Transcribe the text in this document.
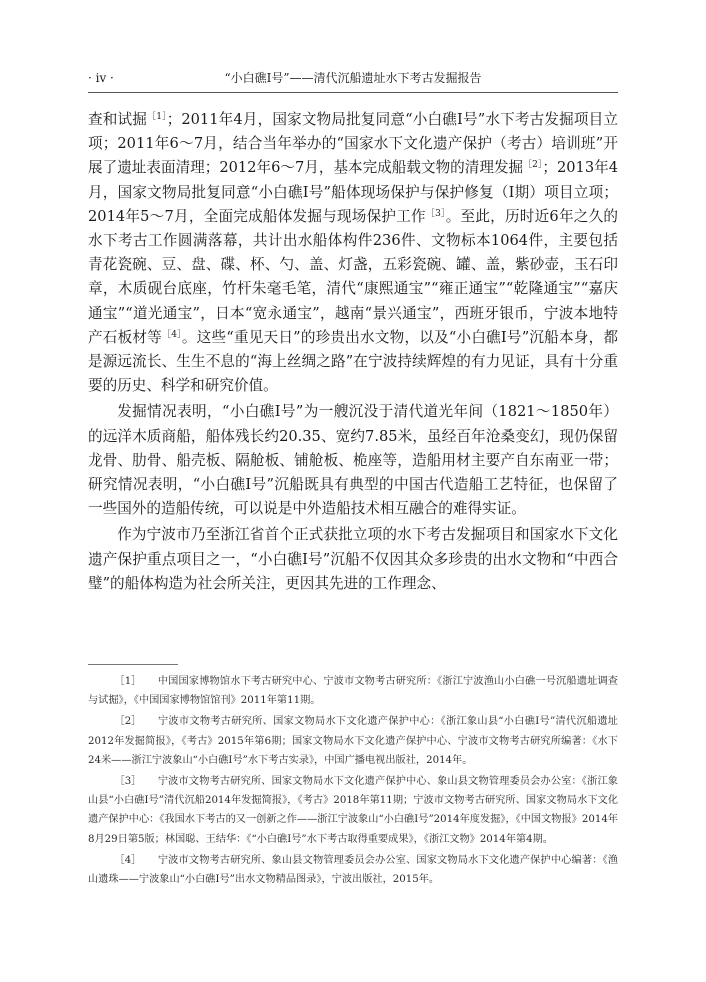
· iv ·	“小白礁Ⅰ号”——清代沉船遗址水下考古发掘报告

查和试掘$^{[1]}$；2011年4月，国家文物局批复同意“小白礁Ⅰ号”水下考古发掘项目立项；2011年6～7月，结合当年举办的“国家水下文化遗产保护（考古）培训班”开展了遗址表面清理；2012年6～7月，基本完成船载文物的清理发掘$^{[2]}$；2013年4月，国家文物局批复同意“小白礁Ⅰ号”船体现场保护与保护修复（Ⅰ期）项目立项；2014年5～7月，全面完成船体发掘与现场保护工作$^{[3]}$。至此，历时近6年之久的水下考古工作圆满落幕，共计出水船体构件236件、文物标本1064件，主要包括青花瓷碗、豆、盘、碟、杯、勺、盖、灯盏，五彩瓷碗、罐、盖，紫砂壶，玉石印章，木质砚台底座，竹杆朱毫毛笔，清代“康熙通宝”“雍正通宝”“乾隆通宝”“嘉庆通宝”“道光通宝”，日本“宽永通宝”，越南“景兴通宝”，西班牙银币，宁波本地特产石板材等$^{[4]}$。这些“重见天日”的珍贵出水文物，以及“小白礁Ⅰ号”沉船本身，都是源远流长、生生不息的“海上丝绸之路”在宁波持续辉煌的有力见证，具有十分重要的历史、科学和研究价值。

发掘情况表明，“小白礁Ⅰ号”为一艘沉没于清代道光年间（1821～1850年）的远洋木质商船，船体残长约20.35、宽约7.85米，虽经百年沧桑变幻，现仍保留龙骨、肋骨、船壳板、隔舱板、铺舱板、桅座等，造船用材主要产自东南亚一带；研究情况表明，“小白礁Ⅰ号”沉船既具有典型的中国古代造船工艺特征，也保留了一些国外的造船传统，可以说是中外造船技术相互融合的难得实证。

作为宁波市乃至浙江省首个正式获批立项的水下考古发掘项目和国家水下文化遗产保护重点项目之一，“小白礁Ⅰ号”沉船不仅因其众多珍贵的出水文物和“中西合璧”的船体构造为社会所关注，更因其先进的工作理念、

［1］ 中国国家博物馆水下考古研究中心、宁波市文物考古研究所：《浙江宁波渔山小白礁一号沉船遗址调查与试掘》，《中国国家博物馆馆刊》2011年第11期。

［2］ 宁波市文物考古研究所、国家文物局水下文化遗产保护中心：《浙江象山县“小白礁Ⅰ号”清代沉船遗址2012年发掘简报》，《考古》2015年第6期；国家文物局水下文化遗产保护中心、宁波市文物考古研究所编著：《水下24米——浙江宁波象山“小白礁Ⅰ号”水下考古实录》，中国广播电视出版社，2014年。

［3］ 宁波市文物考古研究所、国家文物局水下文化遗产保护中心、象山县文物管理委员会办公室：《浙江象山县“小白礁Ⅰ号”清代沉船2014年发掘简报》，《考古》2018年第11期；宁波市文物考古研究所、国家文物局水下文化遗产保护中心：《我国水下考古的又一创新之作——浙江宁波象山“小白礁Ⅰ号”2014年度发掘》，《中国文物报》2014年8月29日第5版；林国聪、王结华：《“小白礁Ⅰ号”水下考古取得重要成果》，《浙江文物》2014年第4期。

［4］ 宁波市文物考古研究所、象山县文物管理委员会办公室、国家文物局水下文化遗产保护中心编著：《渔山遗珠——宁波象山“小白礁Ⅰ号”出水文物精品图录》，宁波出版社，2015年。
